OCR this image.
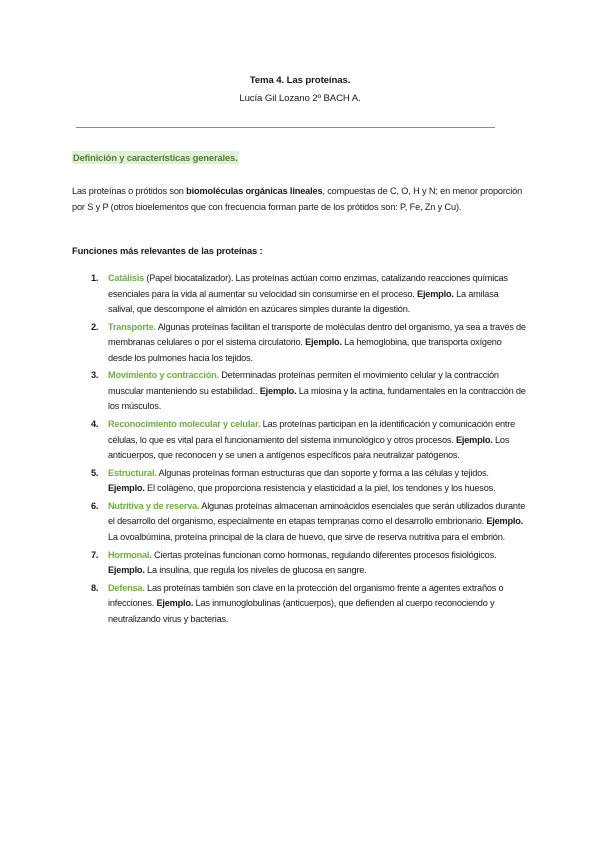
Tema 4. Las proteínas.
Lucía Gil Lozano 2º BACH A.
Definición y características generales.

Las proteínas o prótidos son biomoléculas orgánicas lineales, compuestas de C, O, H y N; en menor proporción por S y P (otros bioelementos que con frecuencia forman parte de los prótidos son: P, Fe, Zn y Cu).

Funciones más relevantes de las proteínas :
1. Catálisis (Papel biocatalizador). Las proteínas actúan como enzimas, catalizando reacciones químicas esenciales para la vida al aumentar su velocidad sin consumirse en el proceso. Ejemplo. La amilasa salival, que descompone el almidón en azúcares simples durante la digestión.
2. Transporte. Algunas proteínas facilitan el transporte de moléculas dentro del organismo, ya sea a través de membranas celulares o por el sistema circulatorio. Ejemplo. La hemoglobina, que transporta oxígeno desde los pulmones hacia los tejidos.
3. Movimiento y contracción. Determinadas proteínas permiten el movimiento celular y la contracción muscular manteniendo su estabilidad.. Ejemplo. La miosina y la actina, fundamentales en la contracción de los músculos.
4. Reconocimiento molecular y celular. Las proteínas participan en la identificación y comunicación entre células, lo que es vital para el funcionamiento del sistema inmunológico y otros procesos. Ejemplo. Los anticuerpos, que reconocen y se unen a antígenos específicos para neutralizar patógenos.
5. Estructural. Algunas proteínas forman estructuras que dan soporte y forma a las células y tejidos. Ejemplo. El colágeno, que proporciona resistencia y elasticidad a la piel, los tendones y los huesos.
6. Nutritiva y de reserva. Algunas proteínas almacenan aminoácidos esenciales que serán utilizados durante el desarrollo del organismo, especialmente en etapas tempranas como el desarrollo embrionario. Ejemplo. La ovoalbúmina, proteína principal de la clara de huevo, que sirve de reserva nutritiva para el embrión.
7. Hormonal. Ciertas proteínas funcionan como hormonas, regulando diferentes procesos fisiológicos. Ejemplo. La insulina, que regula los niveles de glucosa en sangre.
8. Defensa. Las proteínas también son clave en la protección del organismo frente a agentes extraños o infecciones. Ejemplo. Las inmunoglobulinas (anticuerpos), que defienden al cuerpo reconociendo y neutralizando virus y bacterias.
